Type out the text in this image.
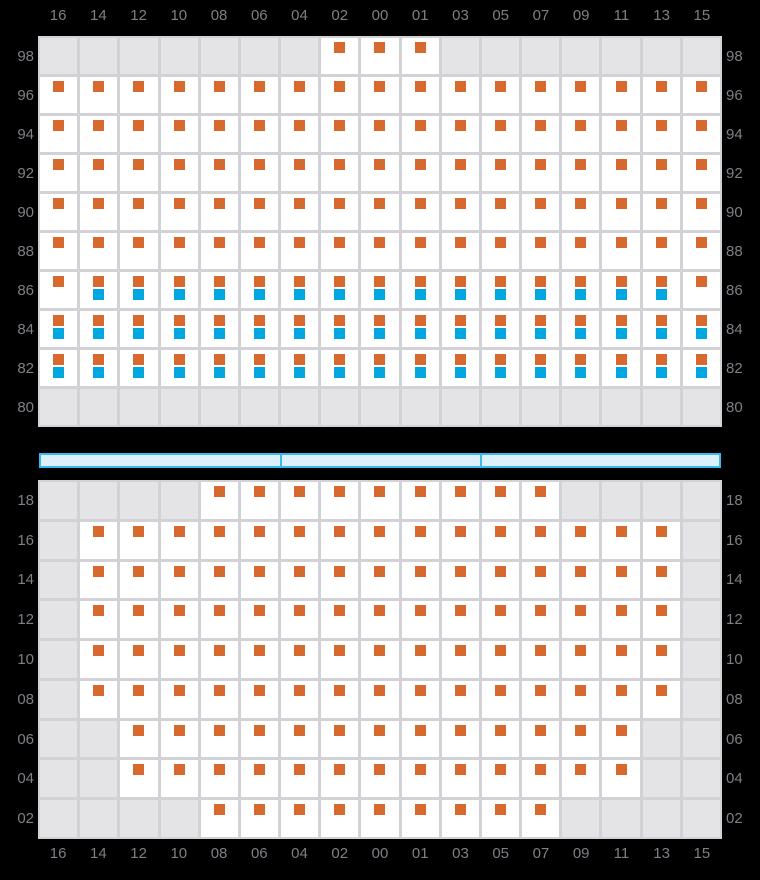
16	14	12	10	08	06	04	02	00	01	03	05	07	09	11	13	15
98
96
94
92
90
88
86
84
82
80
98
96
94
92
90
88
86
84
82
80
18
16
14
12
10
08
06
04
02
18
16
14
12
10
08
06
04
02
16	14	12	10	08	06	04	02	00	01	03	05	07	09	11	13	15
